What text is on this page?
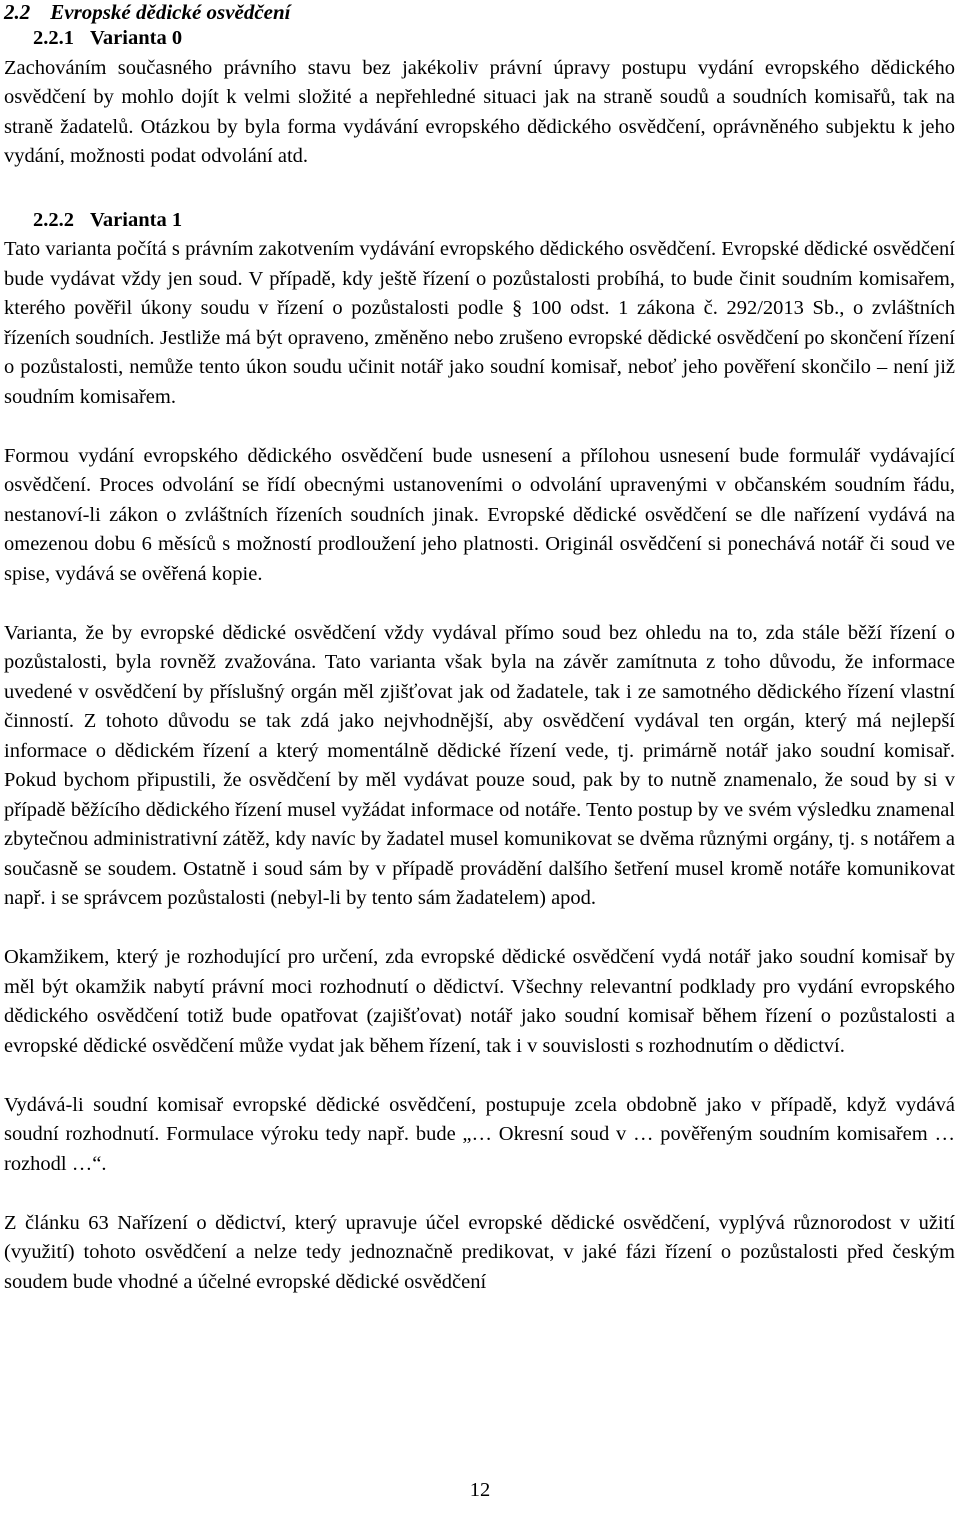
2.2 Evropské dědické osvědčení
2.2.1 Varianta 0

Zachováním současného právního stavu bez jakékoliv právní úpravy postupu vydání evropského dědického osvědčení by mohlo dojít k velmi složité a nepřehledné situaci jak na straně soudů a soudních komisařů, tak na straně žadatelů. Otázkou by byla forma vydávání evropského dědického osvědčení, oprávněného subjektu k jeho vydání, možnosti podat odvolání atd.

2.2.2 Varianta 1

Tato varianta počítá s právním zakotvením vydávání evropského dědického osvědčení. Evropské dědické osvědčení bude vydávat vždy jen soud. V případě, kdy ještě řízení o pozůstalosti probíhá, to bude činit soudním komisařem, kterého pověřil úkony soudu v řízení o pozůstalosti podle § 100 odst. 1 zákona č. 292/2013 Sb., o zvláštních řízeních soudních. Jestliže má být opraveno, změněno nebo zrušeno evropské dědické osvědčení po skončení řízení o pozůstalosti, nemůže tento úkon soudu učinit notář jako soudní komisař, neboť jeho pověření skončilo – není již soudním komisařem.

Formou vydání evropského dědického osvědčení bude usnesení a přílohou usnesení bude formulář vydávající osvědčení. Proces odvolání se řídí obecnými ustanoveními o odvolání upravenými v občanském soudním řádu, nestanoví-li zákon o zvláštních řízeních soudních jinak. Evropské dědické osvědčení se dle nařízení vydává na omezenou dobu 6 měsíců s možností prodloužení jeho platnosti. Originál osvědčení si ponechává notář či soud ve spise, vydává se ověřená kopie.

Varianta, že by evropské dědické osvědčení vždy vydával přímo soud bez ohledu na to, zda stále běží řízení o pozůstalosti, byla rovněž zvažována. Tato varianta však byla na závěr zamítnuta z toho důvodu, že informace uvedené v osvědčení by příslušný orgán měl zjišťovat jak od žadatele, tak i ze samotného dědického řízení vlastní činností. Z tohoto důvodu se tak zdá jako nejvhodnější, aby osvědčení vydával ten orgán, který má nejlepší informace o dědickém řízení a který momentálně dědické řízení vede, tj. primárně notář jako soudní komisař. Pokud bychom připustili, že osvědčení by měl vydávat pouze soud, pak by to nutně znamenalo, že soud by si v případě běžícího dědického řízení musel vyžádat informace od notáře. Tento postup by ve svém výsledku znamenal zbytečnou administrativní zátěž, kdy navíc by žadatel musel komunikovat se dvěma různými orgány, tj. s notářem a současně se soudem. Ostatně i soud sám by v případě provádění dalšího šetření musel kromě notáře komunikovat např. i se správcem pozůstalosti (nebyl-li by tento sám žadatelem) apod.

Okamžikem, který je rozhodující pro určení, zda evropské dědické osvědčení vydá notář jako soudní komisař by měl být okamžik nabytí právní moci rozhodnutí o dědictví. Všechny relevantní podklady pro vydání evropského dědického osvědčení totiž bude opatřovat (zajišťovat) notář jako soudní komisař během řízení o pozůstalosti a evropské dědické osvědčení může vydat jak během řízení, tak i v souvislosti s rozhodnutím o dědictví.

Vydává-li soudní komisař evropské dědické osvědčení, postupuje zcela obdobně jako v případě, když vydává soudní rozhodnutí. Formulace výroku tedy např. bude „… Okresní soud v … pověřeným soudním komisařem … rozhodl …“.

Z článku 63 Nařízení o dědictví, který upravuje účel evropské dědické osvědčení, vyplývá různorodost v užití (využití) tohoto osvědčení a nelze tedy jednoznačně predikovat, v jaké fázi řízení o pozůstalosti před českým soudem bude vhodné a účelné evropské dědické osvědčení

12
